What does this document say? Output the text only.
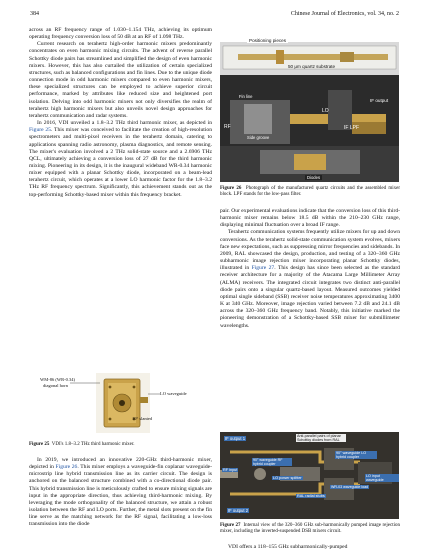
384	Chinese Journal of Electronics, vol. 34, no. 2
across an RF frequency range of 1.030–1.154 THz, achieving its optimum operating frequency conversion loss of 50 dB at an RF of 1.098 THz.
Current research on terahertz high-order harmonic mixers predominantly concentrates on even harmonic mixing circuits. The advent of reverse parallel Schottky diode pairs has streamlined and simplified the design of even harmonic mixers. However, this has also curtailed the utilization of certain specialized structures, such as balanced configurations and fin lines. Due to the unique diode connection mode in odd harmonic mixers compared to even harmonic mixers, these specialized structures can be employed to achieve superior circuit performance, marked by attributes like reduced size and heightened port isolation. Delving into odd harmonic mixers not only diversifies the realm of terahertz high harmonic mixers but also unveils novel design approaches for terahertz communication and radar systems.
In 2016, VDI unveiled a 1.8–3.2 THz third harmonic mixer, as depicted in Figure 25. This mixer was conceived to facilitate the creation of high-resolution spectrometers and multi-pixel receivers in the terahertz domain, catering to applications spanning radio astronomy, plasma diagnostics, and remote sensing. The mixer's evaluation involved a 2 THz solid-state source and a 2.6906 THz QCL, ultimately achieving a conversion loss of 27 dB for the third harmonic mixing. Pioneering in its design, it is the inaugural wideband WR-0.34 harmonic mixer equipped with a planar Schottky diode, incorporated on a beam-lead terahertz circuit, which operates at a lower LO harmonic factor for the 1.8–3.2 THz RF frequency spectrum. Significantly, this achievement stands out as the top-performing Schottky-based mixer within this frequency bracket.
WM-86 (WR-0.34)
diagonal horn
LO waveguide
10° slanted
Figure 25 VDI's 1.8–3.2 THz third harmonic mixer.
In 2019, we introduced an innovative 220-GHz third-harmonic mixer, depicted in Figure 26. This mixer employs a waveguide-fin coplanar waveguide-microstrip line hybrid transmission line as its carrier circuit. The design is anchored on the balanced structure combined with a co-directional diode pair. This hybrid transmission line is meticulously crafted to ensure mixing signals are input in the appropriate direction, thus achieving third-harmonic mixing. By leveraging the mode orthogonality of the balanced structure, we attain a robust isolation between the RF and LO ports. Further, the metal slots present on the fin line serve as the matching network for the RF signal, facilitating a low-loss transmission into the diode
Positioning pieces
50 μm quartz substrate
Fin line
RF
Side groove
LO
IF LPF
IF output
Diodes
Figure 26 Photograph of the manufactured quartz circuits and the assembled mixer block. LPF stands for the low-pass filter.
pair. Our experimental evaluations indicate that the conversion loss of this third-harmonic mixer remains below 18.5 dB within the 210–230 GHz range, displaying minimal fluctuation over a broad IF range.
Terahertz communication systems frequently utilize mixers for up and down conversions. As the terahertz solid-state communication system evolves, mixers face new expectations, such as suppressing mirror frequencies and sidebands. In 2009, RAL showcased the design, production, and testing of a 320–360 GHz subharmonic image rejection mixer incorporating planar Schottky diodes, illustrated in Figure 27. This design has since been selected as the standard receiver architecture for a majority of the Atacama Large Millimeter Array (ALMA) receivers. The integrated circuit integrates two distinct anti-parallel diode pairs onto a singular quartz-based layout. Measured outcomes yielded optimal single sideband (SSB) receiver noise temperatures approximating 3400 K at 340 GHz. Moreover, image rejection varied between 7.2 dB and 24.1 dB across the 320–360 GHz frequency band. Notably, this initiative marked the pioneering demonstration of a Schottky-based SSB mixer for submillimeter wavelengths.
IF output 1	Anti-parallel pairs of planar Schottky diodes from RAL
90° waveguide LO hybrid coupler
RF input
90° waveguide RF hybrid coupler
LO power splitter	LO input waveguide
RAL radial stubs
WR-03 waveguide load
IF output 2
Figure 27 Internal view of the 320–360 GHz sub-harmonically pumped image rejection mixer, including the inverted-suspended DSB mixers circuit.
VDI offers a 118–155 GHz subharmonically-pumped
